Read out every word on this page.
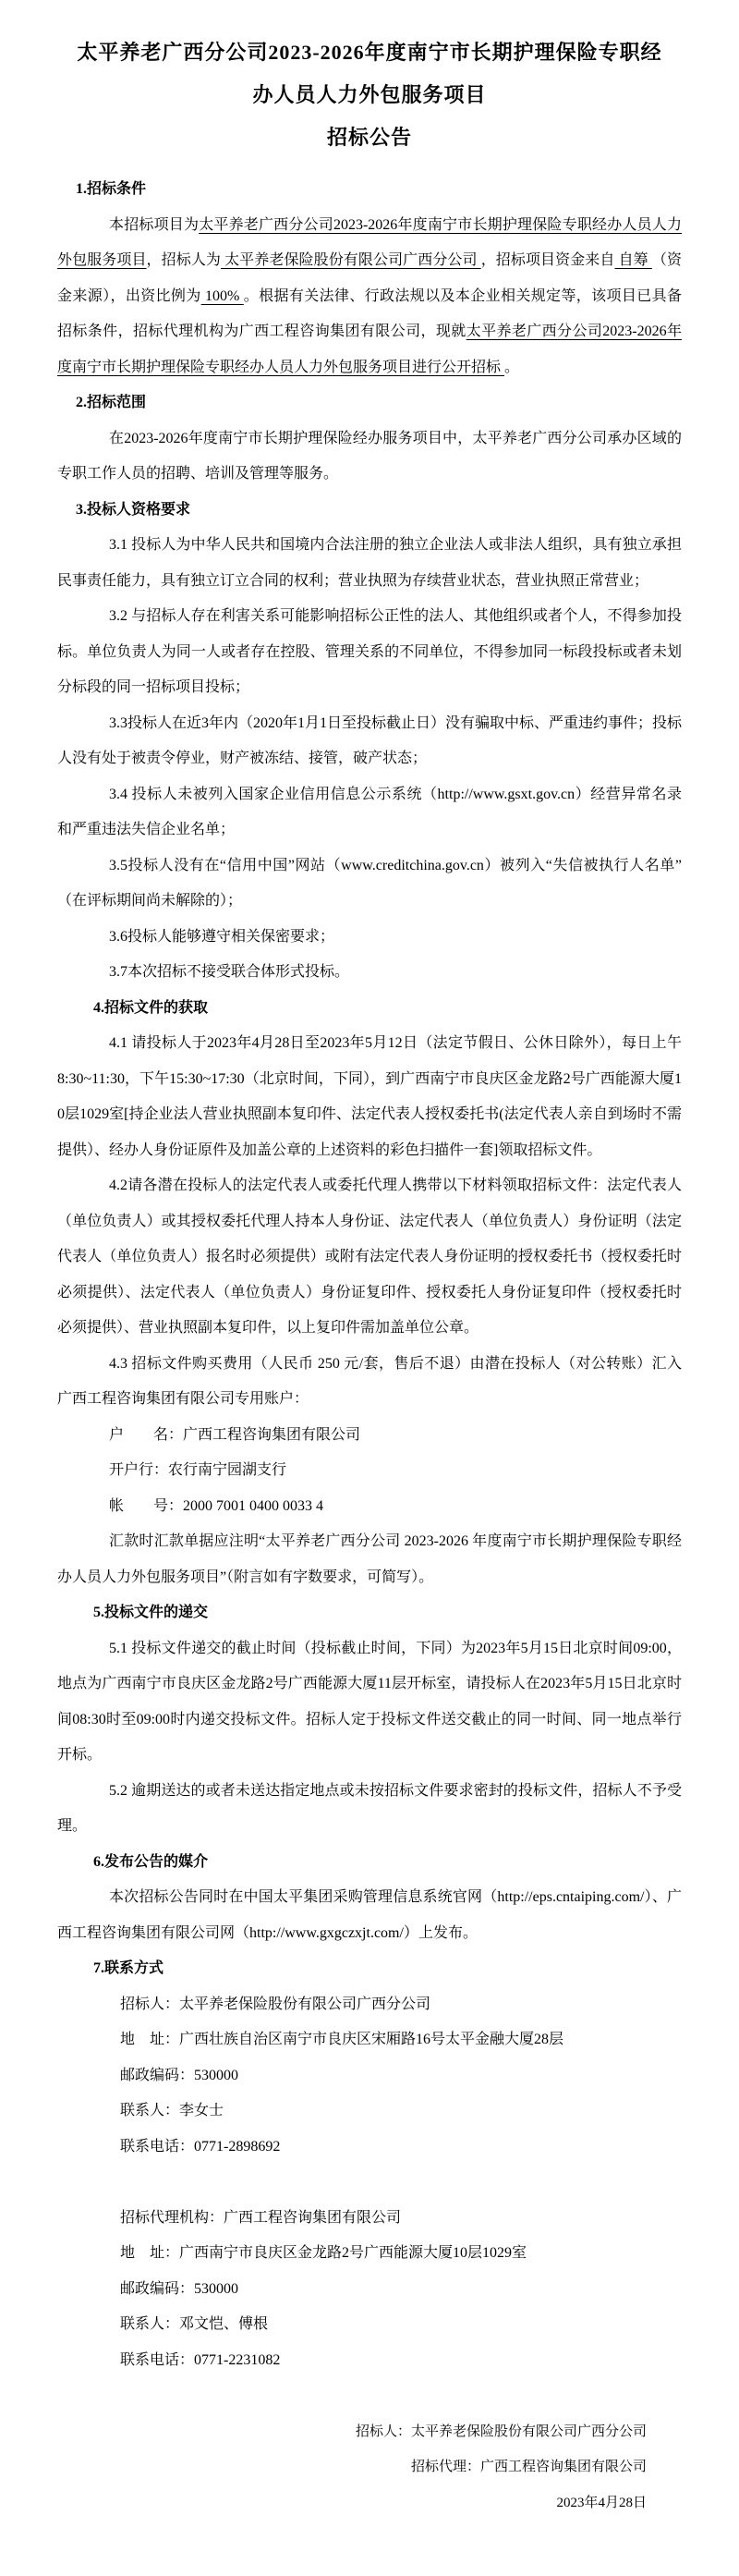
太平养老广西分公司2023-2026年度南宁市长期护理保险专职经
办人员人力外包服务项目
招标公告
1.招标条件
本招标项目为太平养老广西分公司2023-2026年度南宁市长期护理保险专职经办人员人力外包服务项目，招标人为 太平养老保险股份有限公司广西分公司 ，招标项目资金来自 自筹 （资金来源），出资比例为 100% 。根据有关法律、行政法规以及本企业相关规定等，该项目已具备招标条件，招标代理机构为广西工程咨询集团有限公司，现就太平养老广西分公司2023-2026年度南宁市长期护理保险专职经办人员人力外包服务项目进行公开招标 。
2.招标范围
在2023-2026年度南宁市长期护理保险经办服务项目中，太平养老广西分公司承办区域的专职工作人员的招聘、培训及管理等服务。
3.投标人资格要求
3.1 投标人为中华人民共和国境内合法注册的独立企业法人或非法人组织，具有独立承担民事责任能力，具有独立订立合同的权利；营业执照为存续营业状态，营业执照正常营业；
3.2 与招标人存在利害关系可能影响招标公正性的法人、其他组织或者个人，不得参加投标。单位负责人为同一人或者存在控股、管理关系的不同单位，不得参加同一标段投标或者未划分标段的同一招标项目投标；
3.3投标人在近3年内（2020年1月1日至投标截止日）没有骗取中标、严重违约事件；投标人没有处于被责令停业，财产被冻结、接管，破产状态；
3.4 投标人未被列入国家企业信用信息公示系统（http://www.gsxt.gov.cn）经营异常名录和严重违法失信企业名单；
3.5投标人没有在“信用中国”网站（www.creditchina.gov.cn）被列入“失信被执行人名单”（在评标期间尚未解除的）；
3.6投标人能够遵守相关保密要求；
3.7本次招标不接受联合体形式投标。
4.招标文件的获取
4.1 请投标人于2023年4月28日至2023年5月12日（法定节假日、公休日除外），每日上午8:30~11:30，下午15:30~17:30（北京时间，下同），到广西南宁市良庆区金龙路2号广西能源大厦10层1029室[持企业法人营业执照副本复印件、法定代表人授权委托书(法定代表人亲自到场时不需提供）、经办人身份证原件及加盖公章的上述资料的彩色扫描件一套]领取招标文件。
4.2请各潜在投标人的法定代表人或委托代理人携带以下材料领取招标文件：法定代表人（单位负责人）或其授权委托代理人持本人身份证、法定代表人（单位负责人）身份证明（法定代表人（单位负责人）报名时必须提供）或附有法定代表人身份证明的授权委托书（授权委托时必须提供）、法定代表人（单位负责人）身份证复印件、授权委托人身份证复印件（授权委托时必须提供）、营业执照副本复印件，以上复印件需加盖单位公章。
4.3 招标文件购买费用（人民币 250 元/套，售后不退）由潜在投标人（对公转账）汇入广西工程咨询集团有限公司专用账户：
户　　名：广西工程咨询集团有限公司
开户行：农行南宁园湖支行
帐　　号：2000 7001 0400 0033 4
汇款时汇款单据应注明“太平养老广西分公司 2023-2026 年度南宁市长期护理保险专职经办人员人力外包服务项目”（附言如有字数要求，可简写）。
5.投标文件的递交
5.1 投标文件递交的截止时间（投标截止时间，下同）为2023年5月15日北京时间09:00，地点为广西南宁市良庆区金龙路2号广西能源大厦11层开标室，请投标人在2023年5月15日北京时间08:30时至09:00时内递交投标文件。招标人定于投标文件送交截止的同一时间、同一地点举行开标。
5.2 逾期送达的或者未送达指定地点或未按招标文件要求密封的投标文件，招标人不予受理。
6.发布公告的媒介
本次招标公告同时在中国太平集团采购管理信息系统官网（http://eps.cntaiping.com/）、广西工程咨询集团有限公司网（http://www.gxgczxjt.com/）上发布。
7.联系方式
招标人：太平养老保险股份有限公司广西分公司
地　址：广西壮族自治区南宁市良庆区宋厢路16号太平金融大厦28层
邮政编码：530000
联系人：李女士
联系电话：0771-2898692

招标代理机构：广西工程咨询集团有限公司
地　址：广西南宁市良庆区金龙路2号广西能源大厦10层1029室
邮政编码：530000
联系人：邓文恺、傅根
联系电话：0771-2231082

招标人：太平养老保险股份有限公司广西分公司
招标代理：广西工程咨询集团有限公司
2023年4月28日
